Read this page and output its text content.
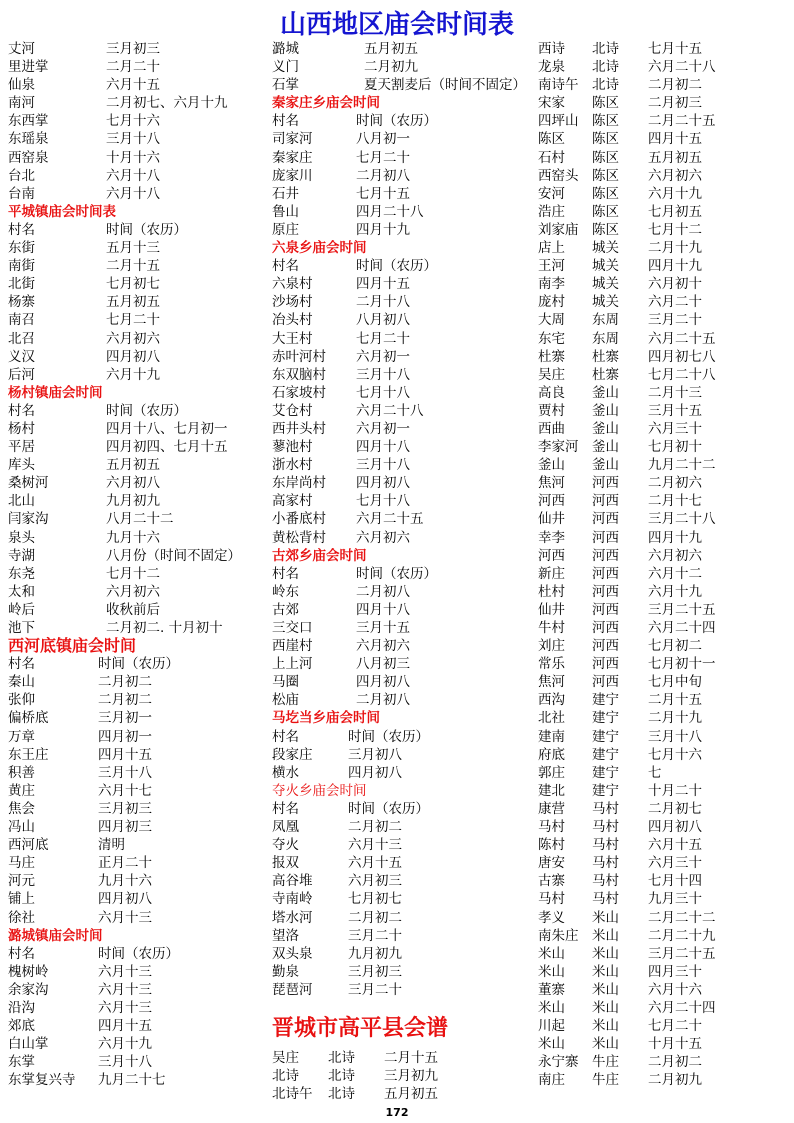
山西地区庙会时间表
丈河	三月初三
里进掌	二月二十
仙泉	六月十五
南河	二月初七、六月十九
东西掌	七月十六
东瑶泉	三月十八
西窑泉	十月十六
台北	六月十八
台南	六月十八
平城镇庙会时间表
村名	时间（农历）
东街	五月十三
南街	二月十五
北街	七月初七
杨寨	五月初五
南召	七月二十
北召	六月初六
义汉	四月初八
后河	六月十九
杨村镇庙会时间
村名	时间（农历）
杨村	四月十八、七月初一
平居	四月初四、七月十五
库头	五月初五
桑树河	六月初八
北山	九月初九
闫家沟	八月二十二
泉头	九月十六
寺湖	八月份（时间不固定）
东尧	七月十二
太和	六月初六
岭后	收秋前后
池下	二月初二. 十月初十
西河底镇庙会时间
村名	时间（农历）
秦山	二月初二
张仰	二月初二
偏桥底	三月初一
万章	四月初一
东王庄	四月十五
积善	三月十八
黄庄	六月十七
焦会	三月初三
冯山	四月初三
西河底	清明
马庄	正月二十
河元	九月十六
铺上	四月初八
徐社	六月十三
潞城镇庙会时间
村名	时间（农历）
槐树岭	六月十三
余家沟	六月十三
沿沟	六月十三
郊底	四月十五
白山掌	六月十九
东掌	三月十八
东掌复兴寺 九月二十七
潞城	五月初五
义门	二月初九
石掌	夏天割麦后（时间不固定）
秦家庄乡庙会时间
村名	时间（农历）
司家河	八月初一
秦家庄	七月二十
庞家川	二月初八
石井	七月十五
鲁山	四月二十八
原庄	四月十九
六泉乡庙会时间
村名	时间（农历）
六泉村	四月十五
沙场村	二月十八
冶头村	八月初八
大王村	七月二十
赤叶河村 六月初一
东双脑村 三月十八
石家坡村 七月十八
艾仓村	六月二十八
西井头村 六月初一
蓼池村	四月十八
浙水村	三月十八
东岸尚村 四月初八
高家村	七月十八
小番底村 六月二十五
黄松背村 六月初六
古郊乡庙会时间
村名	时间（农历）
岭东	二月初八
古郊	四月十八
三交口	三月十五
西崖村	六月初六
上上河	八月初三
马圈	四月初八
松庙	二月初八
马圪当乡庙会时间
村名	时间（农历）
段家庄	三月初八
横水	四月初八
夺火乡庙会时间
村名	时间（农历）
凤凰	二月初二
夺火	六月十三
报双	六月十五
高谷堆	六月初三
寺南岭	七月初七
塔水河	二月初二
望洛	三月二十
双头泉	九月初九
勤泉	三月初三
琵琶河	三月二十
晋城市高平县会谱
吴庄 北诗 二月十五
北诗 北诗 三月初九
北诗午 北诗 五月初五
西诗 北诗 七月十五
龙泉 北诗 六月二十八
南诗午 北诗 二月初二
宋家 陈区 二月初三
四坪山 陈区 二月二十五
陈区 陈区 四月十五
石村 陈区 五月初五
西窑头 陈区 六月初六
安河 陈区 六月十九
浩庄 陈区 七月初五
刘家庙 陈区 七月十二
店上 城关 二月十九
王河 城关 四月十九
南李 城关 六月初十
庞村 城关 六月二十
大周 东周 三月二十
东宅 东周 六月二十五
杜寨 杜寨 四月初七八
吴庄 杜寨 七月二十八
高良 釜山 二月十三
贾村 釜山 三月十五
西曲 釜山 六月三十
李家河 釜山 七月初十
釜山 釜山 九月二十二
焦河 河西 二月初六
河西 河西 二月十七
仙井 河西 三月二十八
幸李 河西 四月十九
河西 河西 六月初六
新庄 河西 六月十二
杜村 河西 六月十九
仙井 河西 三月二十五
牛村 河西 六月二十四
刘庄 河西 七月初二
常乐 河西 七月初十一
焦河 河西 七月中旬
西沟 建宁 二月十五
北社 建宁 二月十九
建南 建宁 三月十八
府底 建宁 七月十六
郭庄 建宁 七
建北 建宁 十月二十
康营 马村 二月初七
马村 马村 四月初八
陈村 马村 六月十五
唐安 马村 六月三十
古寨 马村 七月十四
马村 马村 九月三十
孝义 米山 二月二十二
南朱庄 米山 二月二十九
米山 米山 三月二十五
米山 米山 四月三十
董寨 米山 六月十六
米山 米山 六月二十四
川起 米山 七月二十
米山 米山 十月十五
永宁寨 牛庄 二月初二
南庄 牛庄 二月初九
172
